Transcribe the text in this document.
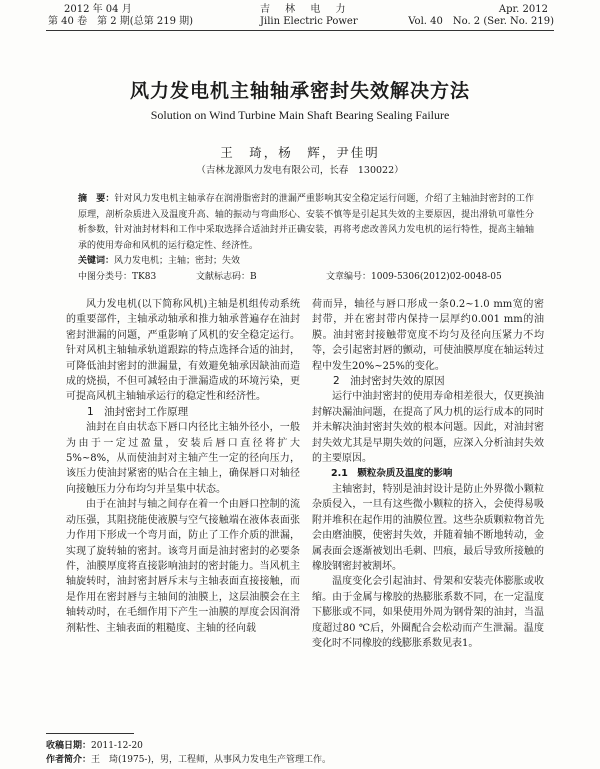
2012 年 04 月
第 40 卷　第 2 期(总第 219 期)
吉 林 电 力
Jilin Electric Power
Apr. 2012
Vol. 40　No. 2 (Ser. No. 219)
风力发电机主轴轴承密封失效解决方法
Solution on Wind Turbine Main Shaft Bearing Sealing Failure
王　琦，杨　辉，尹佳明
（吉林龙源风力发电有限公司，长春　130022）
摘　要：针对风力发电机主轴承存在润滑脂密封的泄漏严重影响其安全稳定运行问题，介绍了主轴油封密封的工作原理，剖析杂质进入及温度升高、轴的振动与弯曲形心、安装不慎等是引起其失效的主要原因，提出滑轨可靠性分析参数，针对油封材料和工作中采取选择合适油封并正确安装，再将考虑改善风力发电机的运行特性，提高主轴轴承的使用寿命和风机的运行稳定性、经济性。
关键词：风力发电机；主轴；密封；失效
中图分类号：TK83	文献标志码：B	文章编号：1009-5306(2012)02-0048-05

风力发电机(以下简称风机)主轴是机组传动系统的重要部件，主轴承动轴承和推力轴承普遍存在油封密封泄漏的问题，严重影响了风机的安全稳定运行。针对风机主轴轴承轨道跟踪的特点选择合适的油封，可降低油封密封的泄漏量，有效避免轴承因缺油而造成的烧损，不但可减轻由于泄漏造成的环境污染，更可提高风机主轴轴承运行的稳定性和经济性。

1　油封密封工作原理

油封在自由状态下唇口内径比主轴外径小，一般为由于一定过盈量，安装后唇口直径将扩大5%~8%，从而使油封对主轴产生一定的径向压力，该压力使油封紧密的贴合在主轴上，确保唇口对轴径向接触压力分布均匀并呈集中状态。

由于在油封与轴之间存在着一个由唇口控制的流动压强，其阻挠能使液膜与空气接触端在液体表面张力作用下形成一个弯月面，防止了工作介质的泄漏，实现了旋转轴的密封。该弯月面是油封密封的必要条件，油膜厚度将直接影响油封的密封能力。当风机主轴旋转时，油封密封唇斥末与主轴表面直接接触，而是作用在密封唇与主轴间的油膜上，这层油膜会在主轴转动时，在毛细作用下产生一油膜的厚度会因润滑剂粘性、主轴表面的粗糙度、主轴的径向载

荷而异，轴径与唇口形成一条0.2~1.0 mm宽的密封带，并在密封带内保持一层厚约0.001 mm的油膜。油封密封接触带宽度不均匀及径向压紧力不均等，会引起密封唇的颤动，可使油膜厚度在轴运转过程中发生20%~25%的变化。

2　油封密封失效的原因

运行中油封密封的使用寿命相差很大，仅更换油封解决漏油问题，在提高了风力机的运行成本的同时并未解决油封密封失效的根本问题。因此，对油封密封失效尤其是早期失效的问题，应深入分析油封失效的主要原因。

2.1　颗粒杂质及温度的影响

主轴密封，特别是油封设计是防止外界微小颗粒杂质侵入，一旦有这些微小颗粒的挤入，会使得易吸附并堆积在起作用的油膜位置。这些杂质颗粒物首先会由磨油膜，使密封失效，并随着轴不断地转动，金属表面会逐渐被划出毛刺、凹痕，最后导致所接触的橡胶钢密封被割坏。

温度变化会引起油封、骨架和安装壳体膨胀或收缩。由于金属与橡胶的热膨胀系数不同，在一定温度下膨胀或不同，如果使用外周为钢骨架的油封，当温度超过80 ℃后，外圈配合会松动而产生泄漏。温度变化时不同橡胶的线膨胀系数见表1。

收稿日期：2011-12-20
作者简介：王　琦(1975-)，男，工程师，从事风力发电生产管理工作。
